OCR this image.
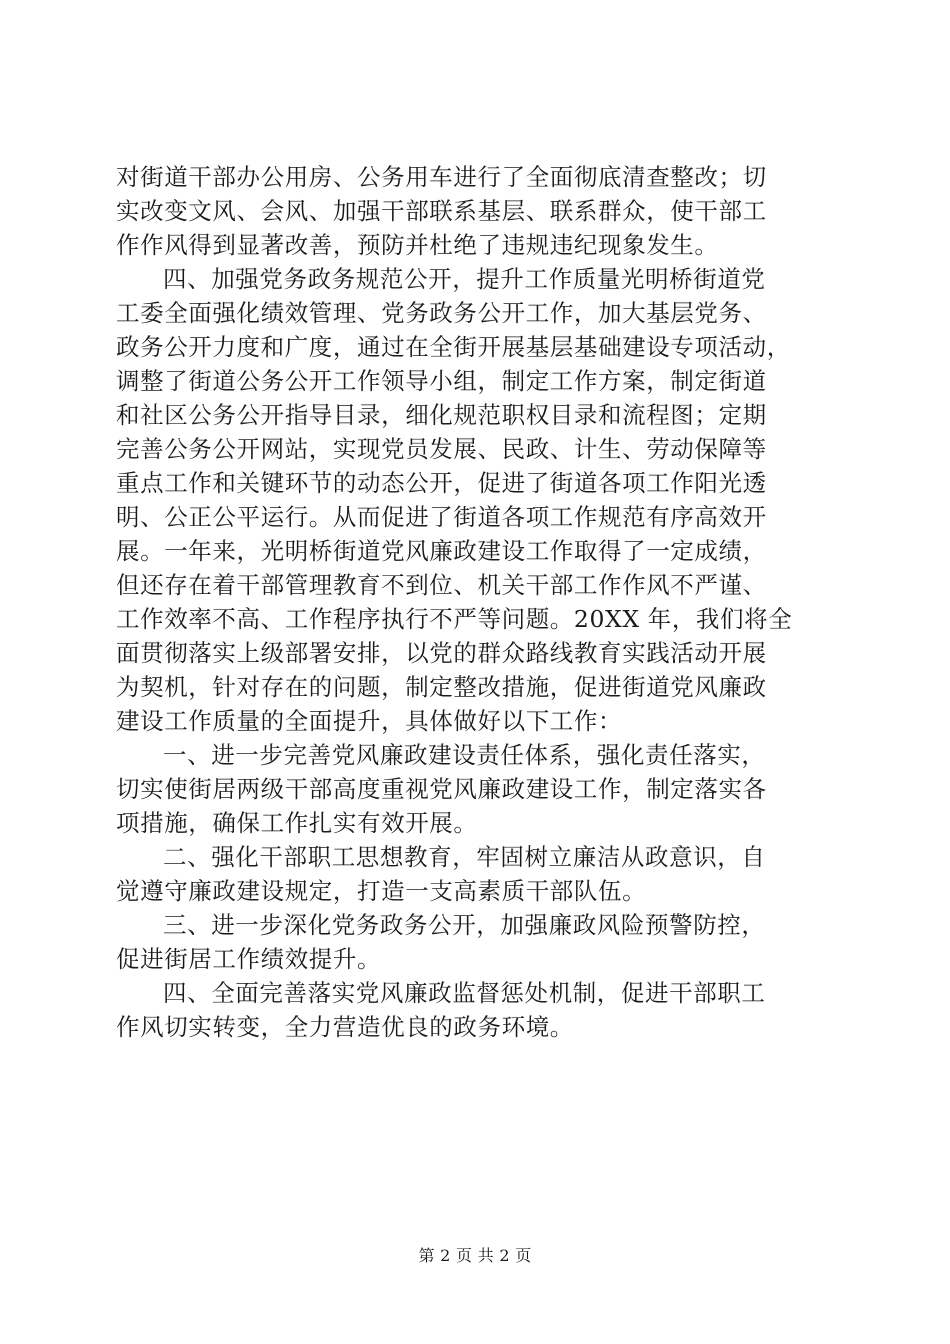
对街道干部办公用房、公务用车进行了全面彻底清查整改；切
实改变文风、会风、加强干部联系基层、联系群众，使干部工
作作风得到显著改善，预防并杜绝了违规违纪现象发生。
四、加强党务政务规范公开，提升工作质量光明桥街道党
工委全面强化绩效管理、党务政务公开工作，加大基层党务、
政务公开力度和广度，通过在全街开展基层基础建设专项活动，
调整了街道公务公开工作领导小组，制定工作方案，制定街道
和社区公务公开指导目录，细化规范职权目录和流程图；定期
完善公务公开网站，实现党员发展、民政、计生、劳动保障等
重点工作和关键环节的动态公开，促进了街道各项工作阳光透
明、公正公平运行。从而促进了街道各项工作规范有序高效开
展。一年来，光明桥街道党风廉政建设工作取得了一定成绩，
但还存在着干部管理教育不到位、机关干部工作作风不严谨、
工作效率不高、工作程序执行不严等问题。20XX 年，我们将全
面贯彻落实上级部署安排，以党的群众路线教育实践活动开展
为契机，针对存在的问题，制定整改措施，促进街道党风廉政
建设工作质量的全面提升，具体做好以下工作：
一、进一步完善党风廉政建设责任体系，强化责任落实，
切实使街居两级干部高度重视党风廉政建设工作，制定落实各
项措施，确保工作扎实有效开展。
二、强化干部职工思想教育，牢固树立廉洁从政意识，自
觉遵守廉政建设规定，打造一支高素质干部队伍。
三、进一步深化党务政务公开，加强廉政风险预警防控，
促进街居工作绩效提升。
四、全面完善落实党风廉政监督惩处机制，促进干部职工
作风切实转变，全力营造优良的政务环境。
第 2 页 共 2 页
